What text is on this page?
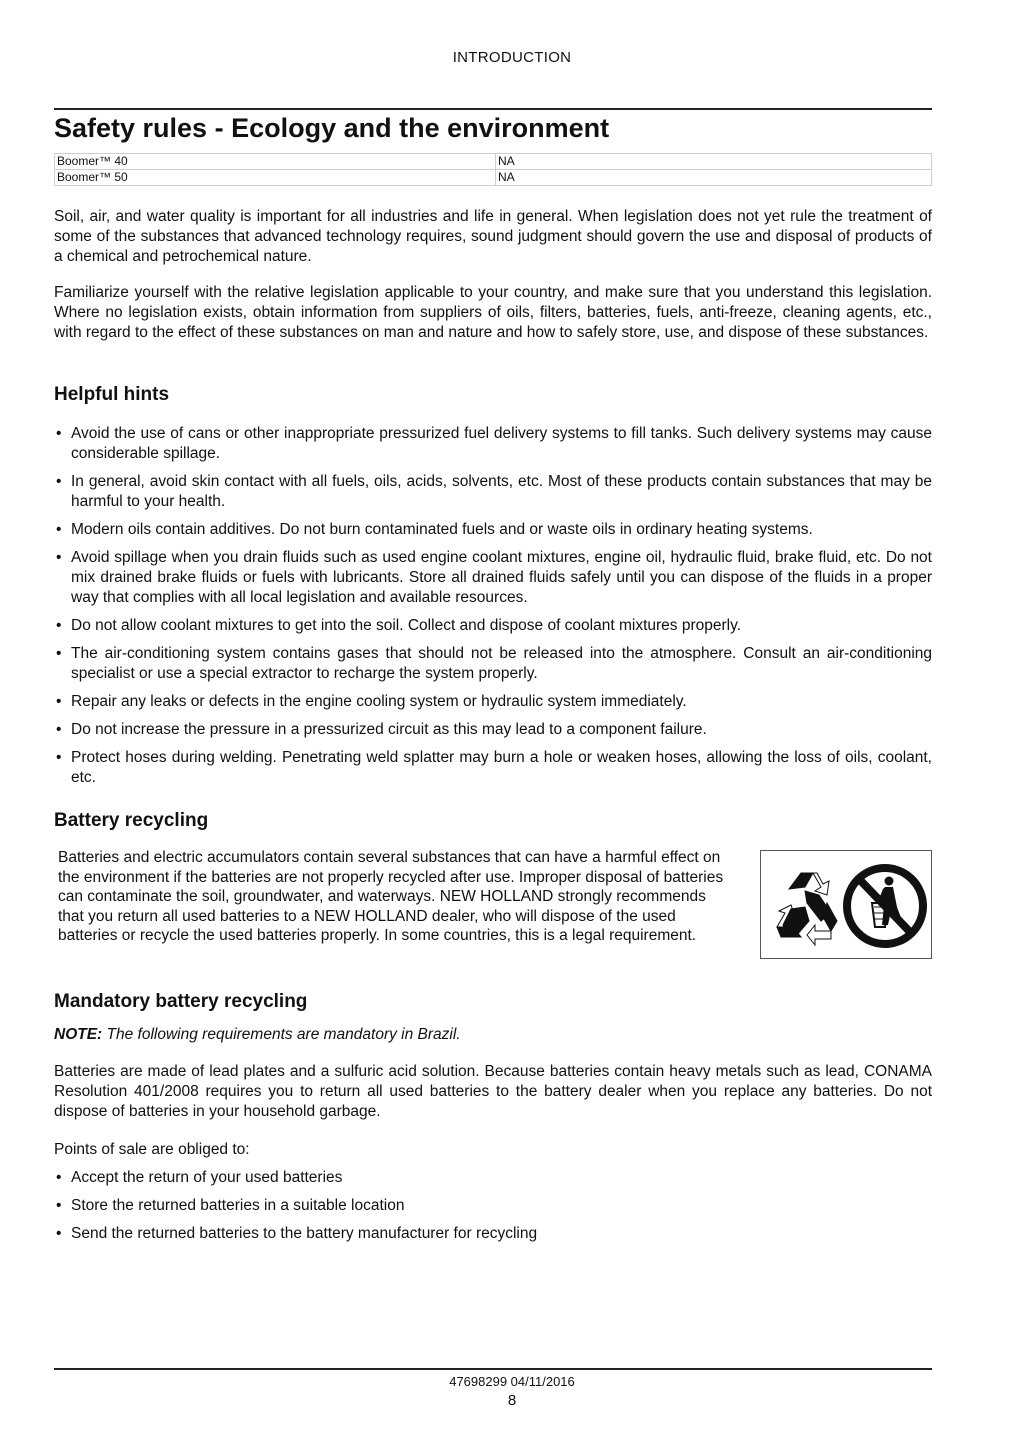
INTRODUCTION
Safety rules - Ecology and the environment
Boomer™ 40	NA
Boomer™ 50	NA

Soil, air, and water quality is important for all industries and life in general. When legislation does not yet rule the treatment of some of the substances that advanced technology requires, sound judgment should govern the use and disposal of products of a chemical and petrochemical nature.

Familiarize yourself with the relative legislation applicable to your country, and make sure that you understand this legislation. Where no legislation exists, obtain information from suppliers of oils, filters, batteries, fuels, anti-freeze, cleaning agents, etc., with regard to the effect of these substances on man and nature and how to safely store, use, and dispose of these substances.

Helpful hints
• Avoid the use of cans or other inappropriate pressurized fuel delivery systems to fill tanks. Such delivery systems may cause considerable spillage.
• In general, avoid skin contact with all fuels, oils, acids, solvents, etc. Most of these products contain substances that may be harmful to your health.
• Modern oils contain additives. Do not burn contaminated fuels and or waste oils in ordinary heating systems.
• Avoid spillage when you drain fluids such as used engine coolant mixtures, engine oil, hydraulic fluid, brake fluid, etc. Do not mix drained brake fluids or fuels with lubricants. Store all drained fluids safely until you can dispose of the fluids in a proper way that complies with all local legislation and available resources.
• Do not allow coolant mixtures to get into the soil. Collect and dispose of coolant mixtures properly.
• The air-conditioning system contains gases that should not be released into the atmosphere. Consult an air-conditioning specialist or use a special extractor to recharge the system properly.
• Repair any leaks or defects in the engine cooling system or hydraulic system immediately.
• Do not increase the pressure in a pressurized circuit as this may lead to a component failure.
• Protect hoses during welding. Penetrating weld splatter may burn a hole or weaken hoses, allowing the loss of oils, coolant, etc.
Battery recycling
Batteries and electric accumulators contain several substances that can have a harmful effect on the environment if the batteries are not properly recycled after use. Improper disposal of batteries can contaminate the soil, groundwater, and waterways. NEW HOLLAND strongly recommends that you return all used batteries to a NEW HOLLAND dealer, who will dispose of the used batteries or recycle the used batteries properly. In some countries, this is a legal requirement.
Mandatory battery recycling
NOTE: The following requirements are mandatory in Brazil.

Batteries are made of lead plates and a sulfuric acid solution. Because batteries contain heavy metals such as lead, CONAMA Resolution 401/2008 requires you to return all used batteries to the battery dealer when you replace any batteries. Do not dispose of batteries in your household garbage.

Points of sale are obliged to:

• Accept the return of your used batteries
• Store the returned batteries in a suitable location
• Send the returned batteries to the battery manufacturer for recycling
47698299 04/11/2016
8
